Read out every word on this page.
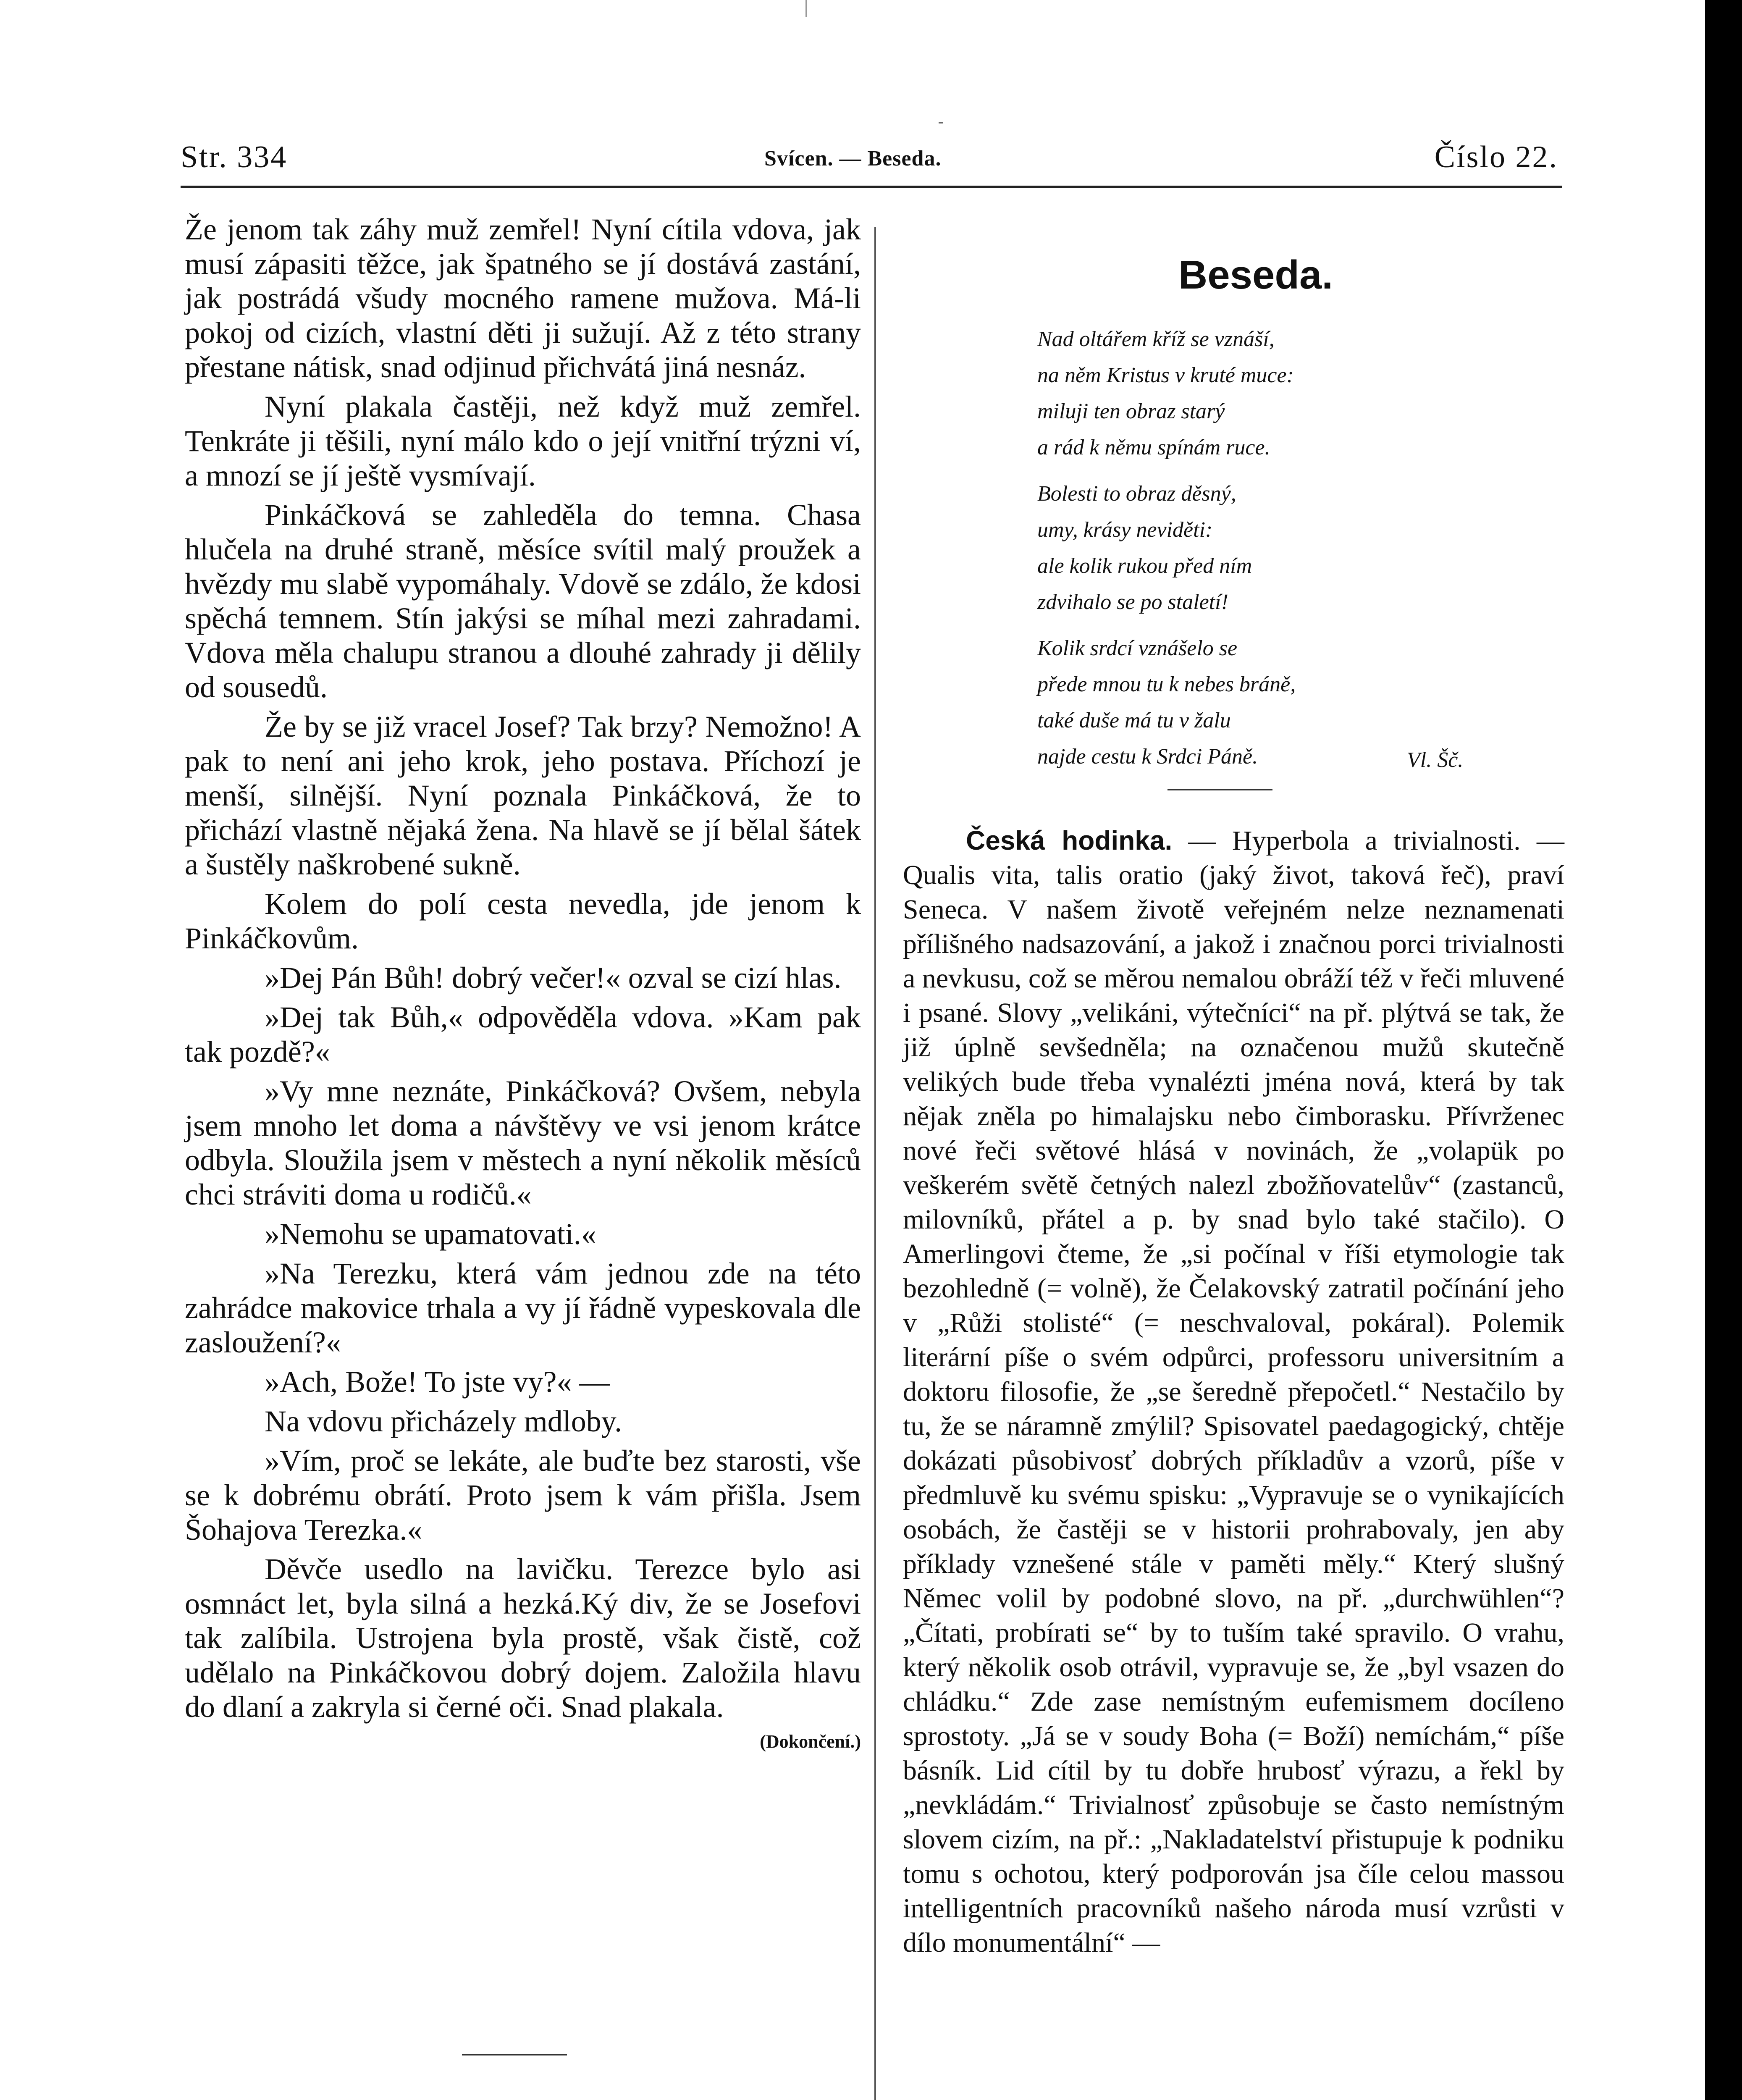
Str. 334	Svícen. — Beseda.	Číslo 22.

Že jenom tak záhy muž zemřel! Nyní cítila vdova, jak musí zápasiti těžce, jak špatného se jí dostává zastání, jak postrádá všudy mocného ramene mužova. Má-li pokoj od cizích, vlastní děti ji sužují. Až z této strany přestane nátisk, snad odjinud přichvátá jiná nesnáz.

Nyní plakala častěji, než když muž zemřel. Tenkráte ji těšili, nyní málo kdo o její vnitřní trýzni ví, a mnozí se jí ještě vysmívají.

Pinkáčková se zahleděla do temna. Chasa hlučela na druhé straně, měsíce svítil malý proužek a hvězdy mu slabě vypomáhaly. Vdově se zdálo, že kdosi spěchá temnem. Stín jakýsi se míhal mezi zahradami. Vdova měla chalupu stranou a dlouhé zahrady ji dělily od sousedů.

Že by se již vracel Josef? Tak brzy? Nemožno! A pak to není ani jeho krok, jeho postava. Příchozí je menší, silnější. Nyní poznala Pinkáčková, že to přichází vlastně nějaká žena. Na hlavě se jí bělal šátek a šustěly naškrobené sukně.

Kolem do polí cesta nevedla, jde jenom k Pinkáčkovům.

»Dej Pán Bůh! dobrý večer!« ozval se cizí hlas.

»Dej tak Bůh,« odpověděla vdova. »Kam pak tak pozdě?«

»Vy mne neznáte, Pinkáčková? Ovšem, nebyla jsem mnoho let doma a návštěvy ve vsi jenom krátce odbyla. Sloužila jsem v městech a nyní několik měsíců chci stráviti doma u rodičů.«

»Nemohu se upamatovati.«

»Na Terezku, která vám jednou zde na této zahrádce makovice trhala a vy jí řádně vypeskovala dle zasloužení?«

»Ach, Bože! To jste vy?« —

Na vdovu přicházely mdloby.

»Vím, proč se lekáte, ale buďte bez starosti, vše se k dobrému obrátí. Proto jsem k vám přišla. Jsem Šohajova Terezka.«

Děvče usedlo na lavičku. Terezce bylo asi osmnáct let, byla silná a hezká.Ký div, že se Josefovi tak zalíbila. Ustrojena byla prostě, však čistě, což udělalo na Pinkáčkovou dobrý dojem. Založila hlavu do dlaní a zakryla si černé oči. Snad plakala.

(Dokončení.)
Beseda.
Nad oltářem kříž se vznáší,
na něm Kristus v kruté muce:
miluji ten obraz starý
a rád k němu spínám ruce.
Bolesti to obraz děsný,
umy, krásy neviděti:
ale kolik rukou před ním
zdvihalo se po staletí!
Kolik srdcí vznášelo se
přede mnou tu k nebes bráně,
také duše má tu v žalu
najde cestu k Srdci Páně.	Vl. Šč.

Česká hodinka. — Hyperbola a trivialnosti. — Qualis vita, talis oratio (jaký život, taková řeč), praví Seneca. V našem životě veřejném nelze neznamenati přílišného nadsazování, a jakož i značnou porci trivialnosti a nevkusu, což se měrou nemalou obráží též v řeči mluvené i psané. Slovy „velikáni, výtečníci“ na př. plýtvá se tak, že již úplně sevšedněla; na označenou mužů skutečně velikých bude třeba vynalézti jména nová, která by tak nějak zněla po himalajsku nebo čimborasku. Přívrženec nové řeči světové hlásá v novinách, že „volapük po veškerém světě četných nalezl zbožňovatelův“ (zastanců, milovníků, přátel a p. by snad bylo také stačilo). O Amerlingovi čteme, že „si počínal v říši etymologie tak bezohledně (= volně), že Čelakovský zatratil počínání jeho v „Růži stolisté“ (= neschvaloval, pokáral). Polemik literární píše o svém odpůrci, professoru universitním a doktoru filosofie, že „se šeredně přepočetl.“ Nestačilo by tu, že se náramně zmýlil? Spisovatel paedagogický, chtěje dokázati působivosť dobrých příkladův a vzorů, píše v předmluvě ku svému spisku: „Vypravuje se o vynikajících osobách, že častěji se v historii prohrabovaly, jen aby příklady vznešené stále v paměti měly.“ Který slušný Němec volil by podobné slovo, na př. „durchwühlen“? „Čítati, probírati se“ by to tuším také spravilo. O vrahu, který několik osob otrávil, vypravuje se, že „byl vsazen do chládku.“ Zde zase nemístným eufemismem docíleno sprostoty. „Já se v soudy Boha (= Boží) nemíchám,“ píše básník. Lid cítil by tu dobře hrubosť výrazu, a řekl by „nevkládám.“ Trivialnosť způsobuje se často nemístným slovem cizím, na př.: „Nakladatelství přistupuje k podniku tomu s ochotou, který podporován jsa číle celou massou intelligentních pracovníků našeho národa musí vzrůsti v dílo monumentální“ —
